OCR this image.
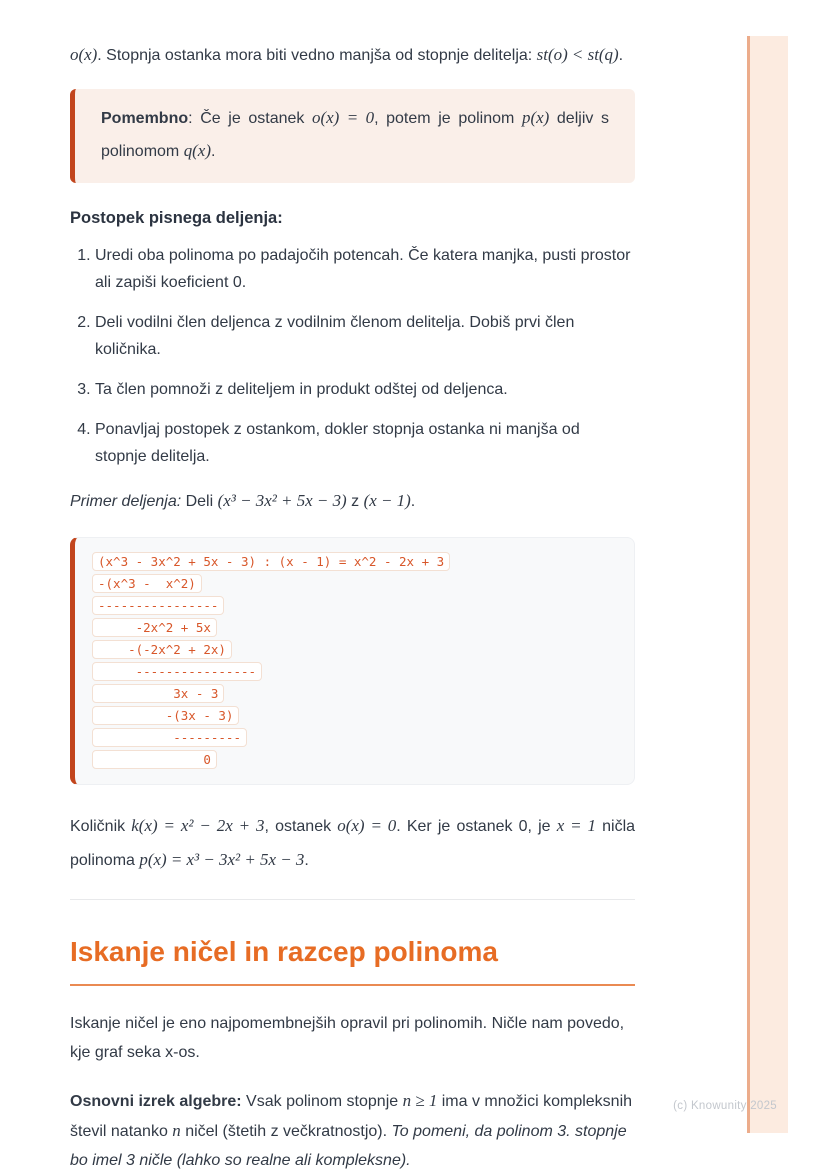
o(x). Stopnja ostanka mora biti vedno manjša od stopnje delitelja: st(o) < st(q).

Pomembno: Če je ostanek o(x) = 0, potem je polinom p(x) deljiv s polinomom q(x).
Postopek pisnega deljenja:
1. Uredi oba polinoma po padajočih potencah. Če katera manjka, pusti prostor ali zapiši koeficient 0.
2. Deli vodilni člen deljenca z vodilnim členom delitelja. Dobiš prvi člen količnika.
3. Ta člen pomnoži z deliteljem in produkt odštej od deljenca.
4. Ponavljaj postopek z ostankom, dokler stopnja ostanka ni manjša od stopnje delitelja.

Primer deljenja: Deli (x³ − 3x² + 5x − 3) z (x − 1).

(x^3 - 3x^2 + 5x - 3) : (x - 1) = x^2 - 2x + 3
-(x^3 -  x^2)
----------------
-2x^2 + 5x
-(-2x^2 + 2x)
----------------
3x - 3
-(3x - 3)
---------
0

Količnik k(x) = x² − 2x + 3, ostanek o(x) = 0. Ker je ostanek 0, je x = 1 ničla polinoma p(x) = x³ − 3x² + 5x − 3.

Iskanje ničel in razcep polinoma

Iskanje ničel je eno najpomembnejših opravil pri polinomih. Ničle nam povedo, kje graf seka x-os.

Osnovni izrek algebre: Vsak polinom stopnje n ≥ 1 ima v množici kompleksnih števil natanko n ničel (štetih z večkratnostjo). To pomeni, da polinom 3. stopnje bo imel 3 ničle (lahko so realne ali kompleksne).

(c) Knowunity 2025
